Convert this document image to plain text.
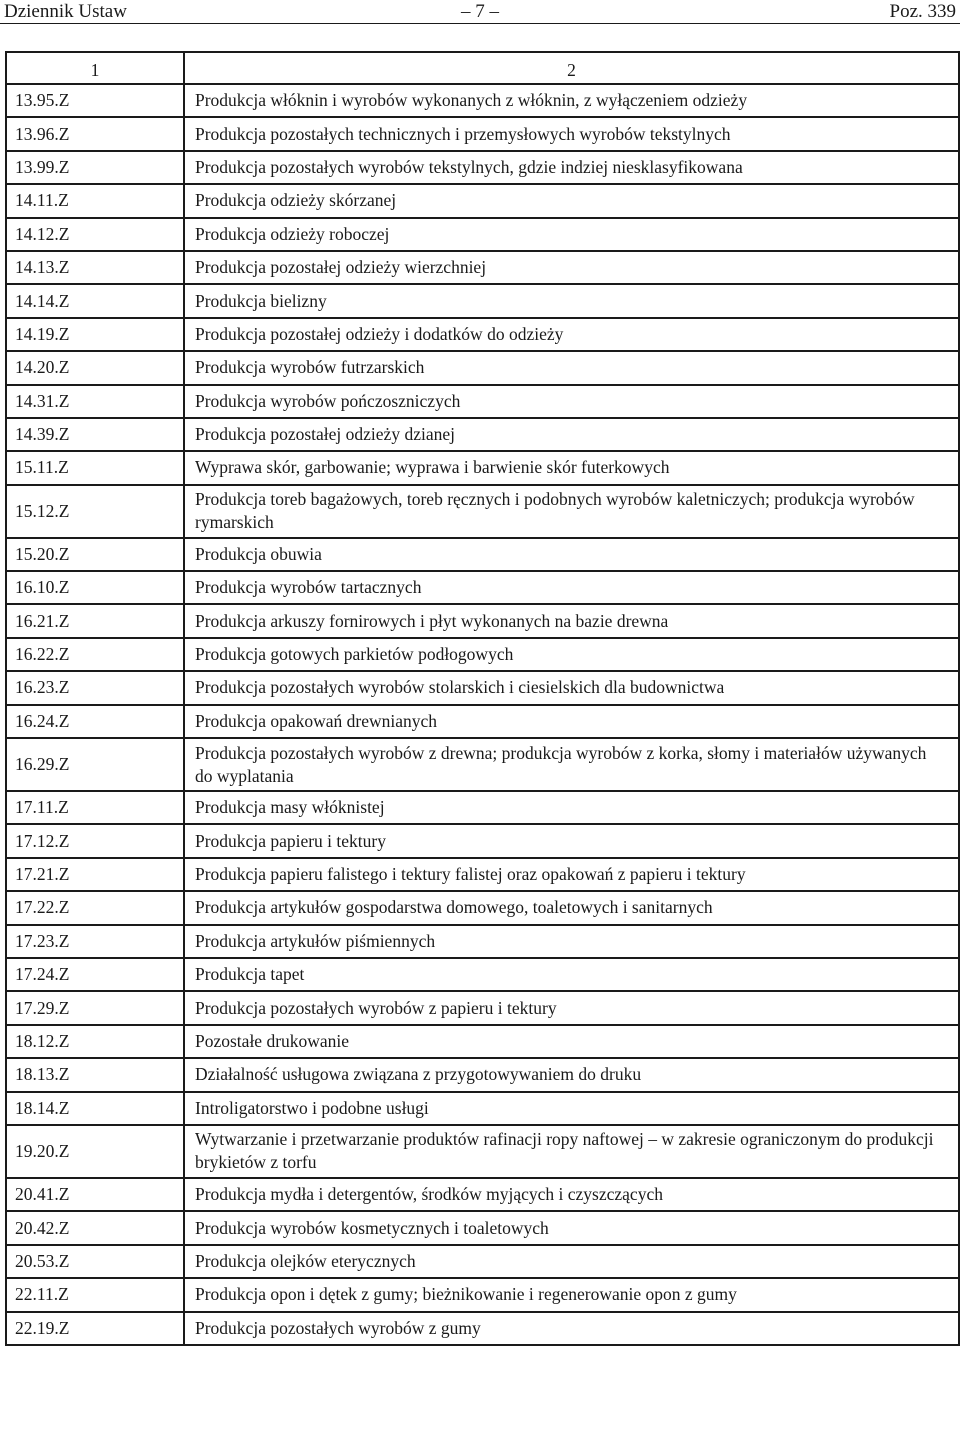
Dziennik Ustaw	– 7 –	Poz. 339
1	2
13.95.Z	Produkcja włóknin i wyrobów wykonanych z włóknin, z wyłączeniem odzieży
13.96.Z	Produkcja pozostałych technicznych i przemysłowych wyrobów tekstylnych
13.99.Z	Produkcja pozostałych wyrobów tekstylnych, gdzie indziej niesklasyfikowana
14.11.Z	Produkcja odzieży skórzanej
14.12.Z	Produkcja odzieży roboczej
14.13.Z	Produkcja pozostałej odzieży wierzchniej
14.14.Z	Produkcja bielizny
14.19.Z	Produkcja pozostałej odzieży i dodatków do odzieży
14.20.Z	Produkcja wyrobów futrzarskich
14.31.Z	Produkcja wyrobów pończoszniczych
14.39.Z	Produkcja pozostałej odzieży dzianej
15.11.Z	Wyprawa skór, garbowanie; wyprawa i barwienie skór futerkowych
15.12.Z	Produkcja toreb bagażowych, toreb ręcznych i podobnych wyrobów kaletniczych; produkcja wyrobów rymarskich
15.20.Z	Produkcja obuwia
16.10.Z	Produkcja wyrobów tartacznych
16.21.Z	Produkcja arkuszy fornirowych i płyt wykonanych na bazie drewna
16.22.Z	Produkcja gotowych parkietów podłogowych
16.23.Z	Produkcja pozostałych wyrobów stolarskich i ciesielskich dla budownictwa
16.24.Z	Produkcja opakowań drewnianych
16.29.Z	Produkcja pozostałych wyrobów z drewna; produkcja wyrobów z korka, słomy i materiałów używanych do wyplatania
17.11.Z	Produkcja masy włóknistej
17.12.Z	Produkcja papieru i tektury
17.21.Z	Produkcja papieru falistego i tektury falistej oraz opakowań z papieru i tektury
17.22.Z	Produkcja artykułów gospodarstwa domowego, toaletowych i sanitarnych
17.23.Z	Produkcja artykułów piśmiennych
17.24.Z	Produkcja tapet
17.29.Z	Produkcja pozostałych wyrobów z papieru i tektury
18.12.Z	Pozostałe drukowanie
18.13.Z	Działalność usługowa związana z przygotowywaniem do druku
18.14.Z	Introligatorstwo i podobne usługi
19.20.Z	Wytwarzanie i przetwarzanie produktów rafinacji ropy naftowej – w zakresie ograniczonym do produkcji brykietów z torfu
20.41.Z	Produkcja mydła i detergentów, środków myjących i czyszczących
20.42.Z	Produkcja wyrobów kosmetycznych i toaletowych
20.53.Z	Produkcja olejków eterycznych
22.11.Z	Produkcja opon i dętek z gumy; bieżnikowanie i regenerowanie opon z gumy
22.19.Z	Produkcja pozostałych wyrobów z gumy
